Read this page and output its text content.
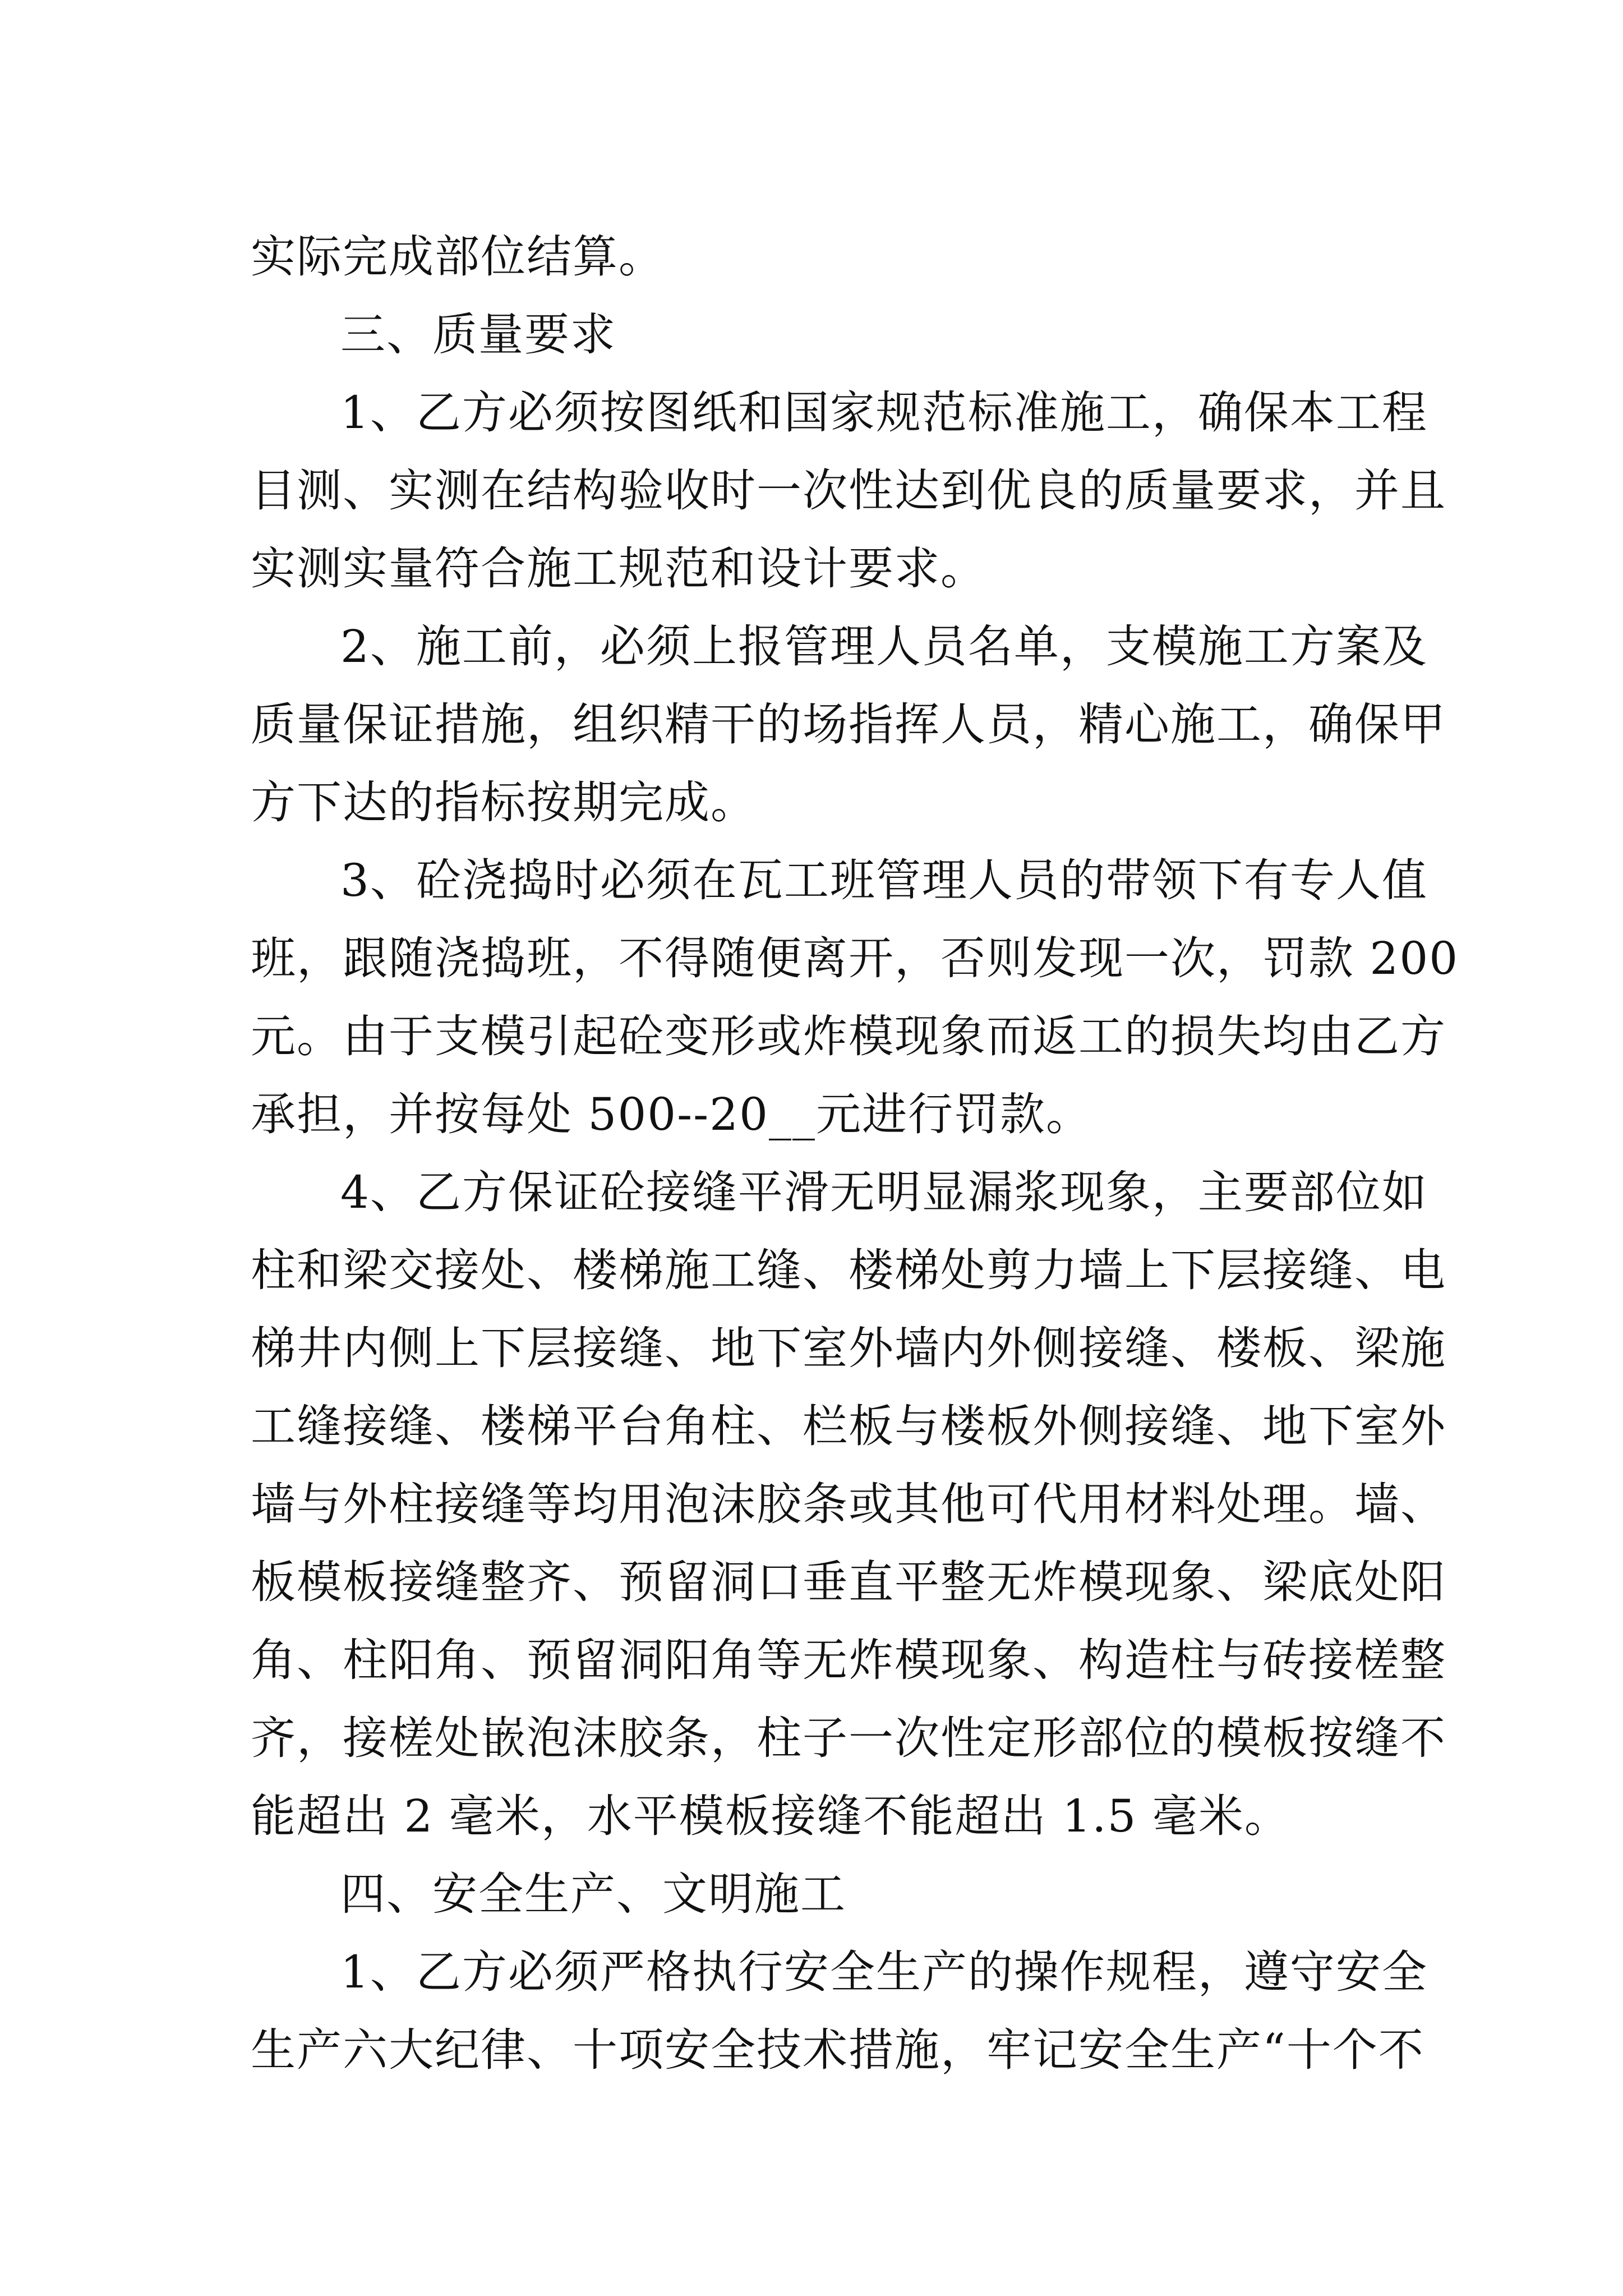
实际完成部位结算。
三、质量要求
1、乙方必须按图纸和国家规范标准施工，确保本工程
目测、实测在结构验收时一次性达到优良的质量要求，并且
实测实量符合施工规范和设计要求。
2、施工前，必须上报管理人员名单，支模施工方案及
质量保证措施，组织精干的场指挥人员，精心施工，确保甲
方下达的指标按期完成。
3、砼浇捣时必须在瓦工班管理人员的带领下有专人值
班，跟随浇捣班，不得随便离开，否则发现一次，罚款 200
元。由于支模引起砼变形或炸模现象而返工的损失均由乙方
承担，并按每处 500--20__元进行罚款。
4、乙方保证砼接缝平滑无明显漏浆现象，主要部位如
柱和梁交接处、楼梯施工缝、楼梯处剪力墙上下层接缝、电
梯井内侧上下层接缝、地下室外墙内外侧接缝、楼板、梁施
工缝接缝、楼梯平台角柱、栏板与楼板外侧接缝、地下室外
墙与外柱接缝等均用泡沫胶条或其他可代用材料处理。墙、
板模板接缝整齐、预留洞口垂直平整无炸模现象、梁底处阳
角、柱阳角、预留洞阳角等无炸模现象、构造柱与砖接槎整
齐，接槎处嵌泡沫胶条，柱子一次性定形部位的模板按缝不
能超出 2 毫米，水平模板接缝不能超出 1.5 毫米。
四、安全生产、文明施工
1、乙方必须严格执行安全生产的操作规程，遵守安全
生产六大纪律、十项安全技术措施，牢记安全生产“十个不
